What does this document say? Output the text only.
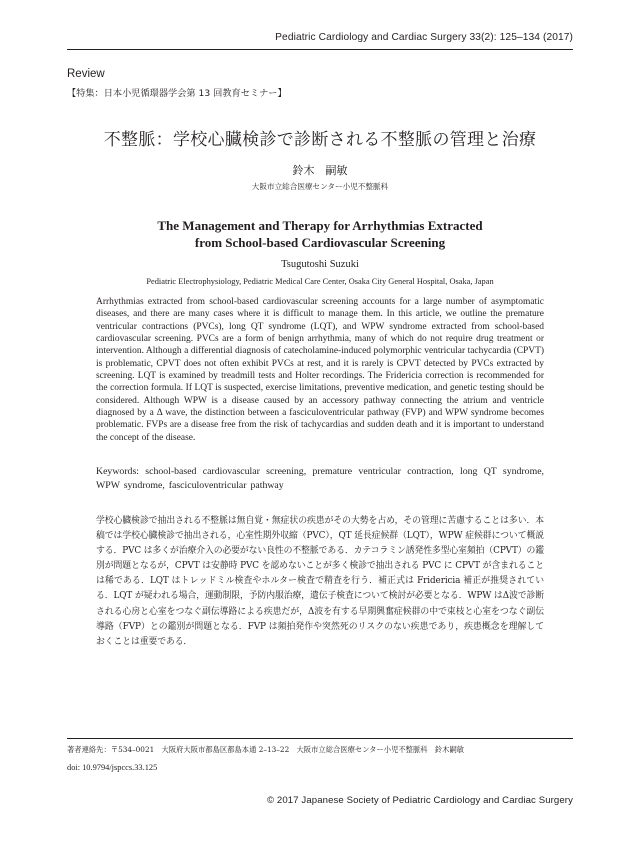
Pediatric Cardiology and Cardiac Surgery 33(2): 125–134 (2017)
Review
【特集：日本小児循環器学会第 13 回教育セミナー】
不整脈：学校心臓検診で診断される不整脈の管理と治療
鈴木　嗣敏
大阪市立総合医療センター小児不整脈科
The Management and Therapy for Arrhythmias Extracted
from School-based Cardiovascular Screening
Tsugutoshi Suzuki
Pediatric Electrophysiology, Pediatric Medical Care Center, Osaka City General Hospital, Osaka, Japan

Arrhythmias extracted from school-based cardiovascular screening accounts for a large number of asymptomatic diseases, and there are many cases where it is difficult to manage them. In this article, we outline the premature ventricular contractions (PVCs), long QT syndrome (LQT), and WPW syndrome extracted from school-based cardiovascular screening. PVCs are a form of benign arrhythmia, many of which do not require drug treatment or intervention. Although a differential diagnosis of catecholamine-induced polymorphic ventricular tachycardia (CPVT) is problematic, CPVT does not often exhibit PVCs at rest, and it is rarely is CPVT detected by PVCs extracted by screening. LQT is examined by treadmill tests and Holter recordings. The Fridericia correction is recommended for the correction formula. If LQT is suspected, exercise limitations, preventive medication, and genetic testing should be considered. Although WPW is a disease caused by an accessory pathway connecting the atrium and ventricle diagnosed by a Δ wave, the distinction between a fasciculoventricular pathway (FVP) and WPW syndrome becomes problematic. FVPs are a disease free from the risk of tachycardias and sudden death and it is important to understand the concept of the disease.

Keywords: school-based cardiovascular screening, premature ventricular contraction, long QT syndrome, WPW syndrome, fasciculoventricular pathway

学校心臓検診で抽出される不整脈は無自覚・無症状の疾患がその大勢を占め，その管理に苦慮することは多い．本稿では学校心臓検診で抽出される，心室性期外収縮（PVC），QT 延長症候群（LQT），WPW 症候群について概説する．PVC は多くが治療介入の必要がない良性の不整脈である．カテコラミン誘発性多型心室頻拍（CPVT）の鑑別が問題となるが，CPVT は安静時 PVC を認めないことが多く検診で抽出される PVC に CPVT が含まれることは稀である．LQT はトレッドミル検査やホルター検査で精査を行う．補正式は Fridericia 補正が推奨されている．LQT が疑われる場合，運動制限，予防内服治療，遺伝子検査について検討が必要となる．WPW はΔ波で診断される心房と心室をつなぐ副伝導路による疾患だが，Δ波を有する早期興奮症候群の中で束枝と心室をつなぐ副伝導路（FVP）との鑑別が問題となる．FVP は頻拍発作や突然死のリスクのない疾患であり，疾患概念を理解しておくことは重要である．

著者連絡先：〒534–0021　大阪府大阪市都島区都島本通 2–13–22　大阪市立総合医療センター小児不整脈科　鈴木嗣敏
doi: 10.9794/jspccs.33.125
© 2017 Japanese Society of Pediatric Cardiology and Cardiac Surgery
